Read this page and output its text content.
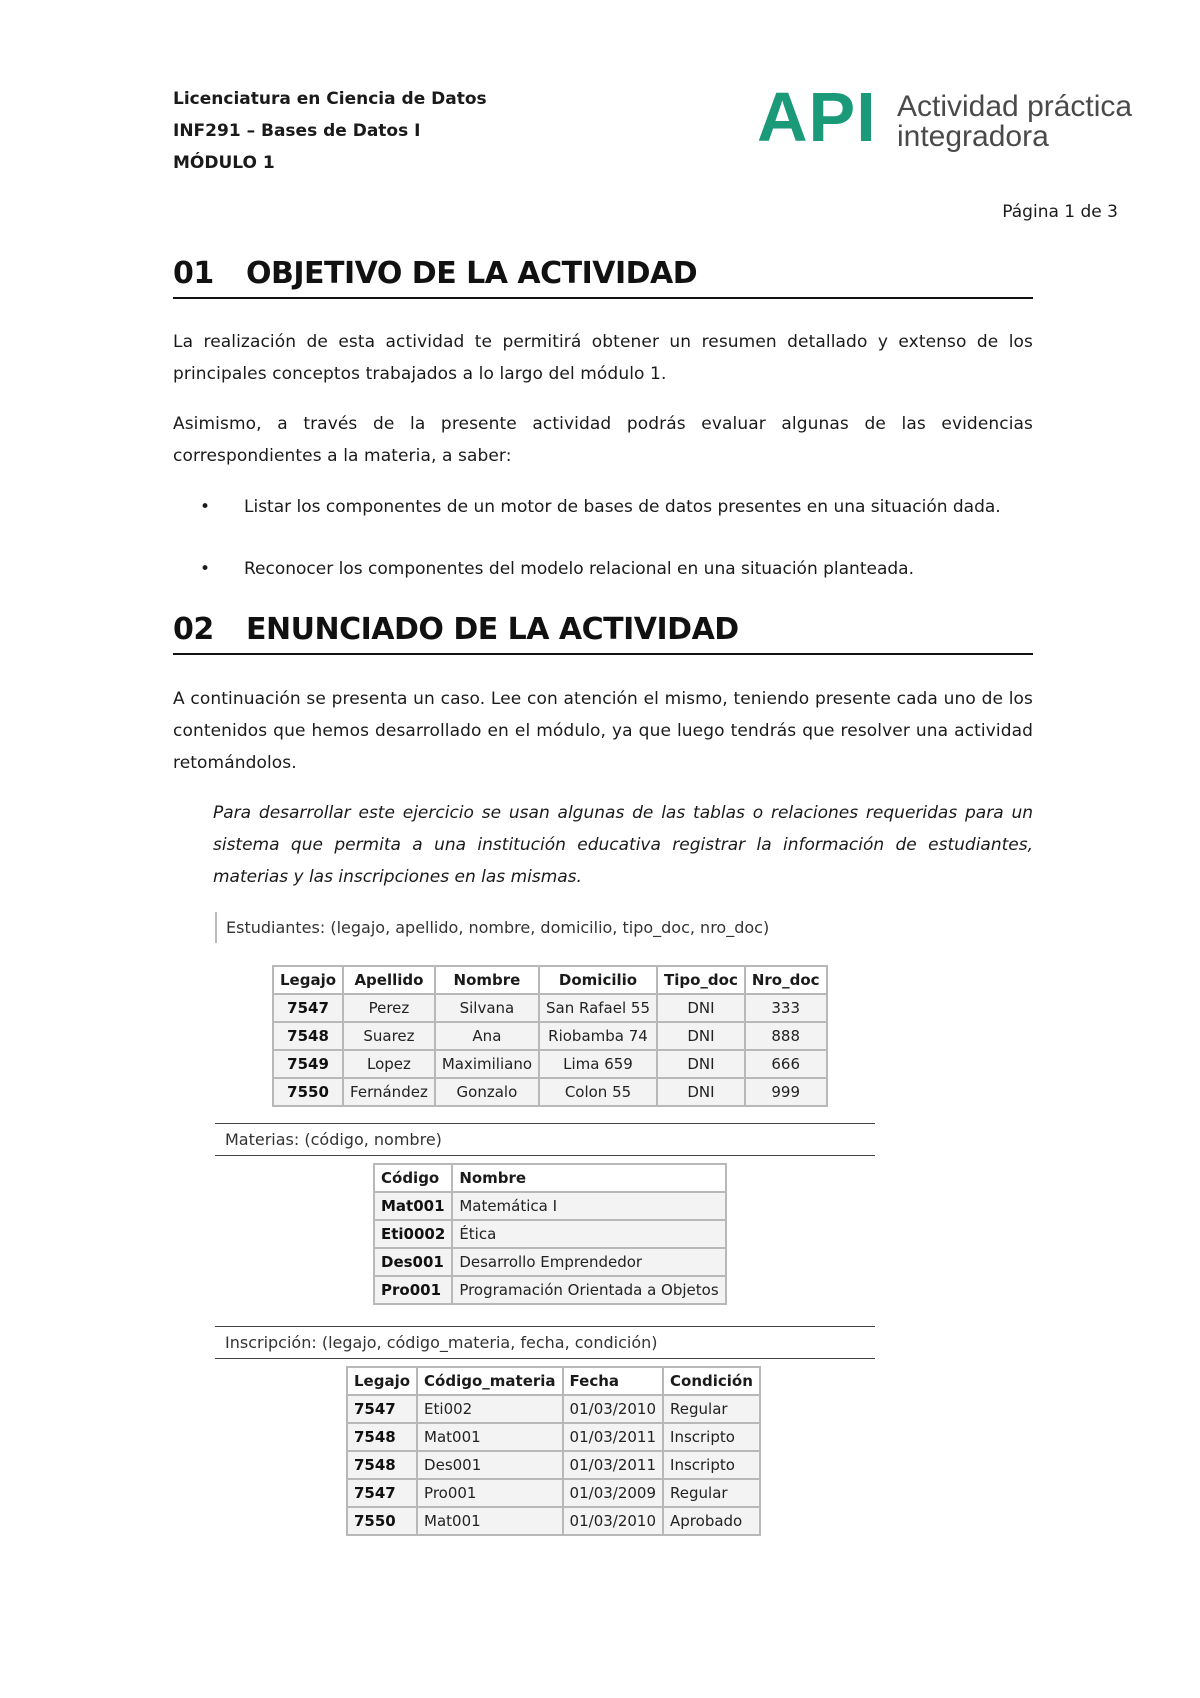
Licenciatura en Ciencia de Datos
INF291 – Bases de Datos I
MÓDULO 1
API Actividad práctica
integradora
Página 1 de 3
01 OBJETIVO DE LA ACTIVIDAD
La realización de esta actividad te permitirá obtener un resumen detallado y extenso de los principales conceptos trabajados a lo largo del módulo 1.
Asimismo, a través de la presente actividad podrás evaluar algunas de las evidencias correspondientes a la materia, a saber:
• Listar los componentes de un motor de bases de datos presentes en una situación dada.
• Reconocer los componentes del modelo relacional en una situación planteada.
02 ENUNCIADO DE LA ACTIVIDAD
A continuación se presenta un caso. Lee con atención el mismo, teniendo presente cada uno de los contenidos que hemos desarrollado en el módulo, ya que luego tendrás que resolver una actividad retomándolos.
Para desarrollar este ejercicio se usan algunas de las tablas o relaciones requeridas para un sistema que permita a una institución educativa registrar la información de estudiantes, materias y las inscripciones en las mismas.
Estudiantes: (legajo, apellido, nombre, domicilio, tipo_doc, nro_doc)
Legajo	Apellido	Nombre	Domicilio	Tipo_doc	Nro_doc
7547	Perez	Silvana	San Rafael 55	DNI	333
7548	Suarez	Ana	Riobamba 74	DNI	888
7549	Lopez	Maximiliano	Lima 659	DNI	666
7550	Fernández	Gonzalo	Colon 55	DNI	999
Materias: (código, nombre)
Código	Nombre
Mat001	Matemática I
Eti0002	Ética
Des001	Desarrollo Emprendedor
Pro001	Programación Orientada a Objetos
Inscripción: (legajo, código_materia, fecha, condición)
Legajo	Código_materia	Fecha	Condición
7547	Eti002	01/03/2010	Regular
7548	Mat001	01/03/2011	Inscripto
7548	Des001	01/03/2011	Inscripto
7547	Pro001	01/03/2009	Regular
7550	Mat001	01/03/2010	Aprobado
